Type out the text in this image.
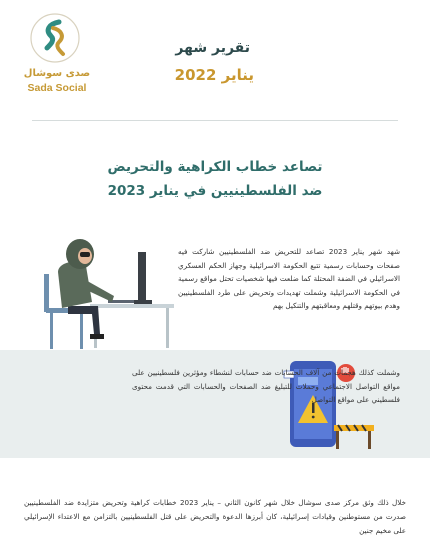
صدى سوشال
Sada Social
تقرير شهر
يناير 2022
تصاعد خطاب الكراهية والتحريض
ضد الفلسطينيين في يناير 2023
شهد شهر يناير 2023 تصاعد للتحريض ضد الفلسطينيين شاركت فيه صفحات وحسابات رسمية تتبع الحكومة الاسرائيلية وجهاز الحكم العسكري الاسرائيلي في الضفة المحتلة كما ضلعت فيها شخصيات تحتل مواقع رسمية في الحكومة الاسرائيلية وشملت تهديدات وتحريض على طرد الفلسطينيين وهدم بيوتهم وقتلهم ومعاقبتهم والتنكيل بهم
وشملت كذلك هجمات من آلاف الحسابات ضد حسابات لنشطاء ومؤثرين فلسطينيين على مواقع التواصل الاجتماعي وحملات للتبليغ ضد الصفحات والحسابات التي قدمت محتوى فلسطيني على مواقع التواصل
خلال ذلك وثق مركز صدى سوشال خلال شهر كانون الثاني – يناير 2023 خطابات كراهية وتحريض متزايدة ضد الفلسطينيين صدرت من مستوطنين وقيادات إسرائيلية، كان أبرزها الدعوة والتحريض على قتل الفلسطينيين بالتزامن مع الاعتداء الإسرائيلي على مخيم جنين
